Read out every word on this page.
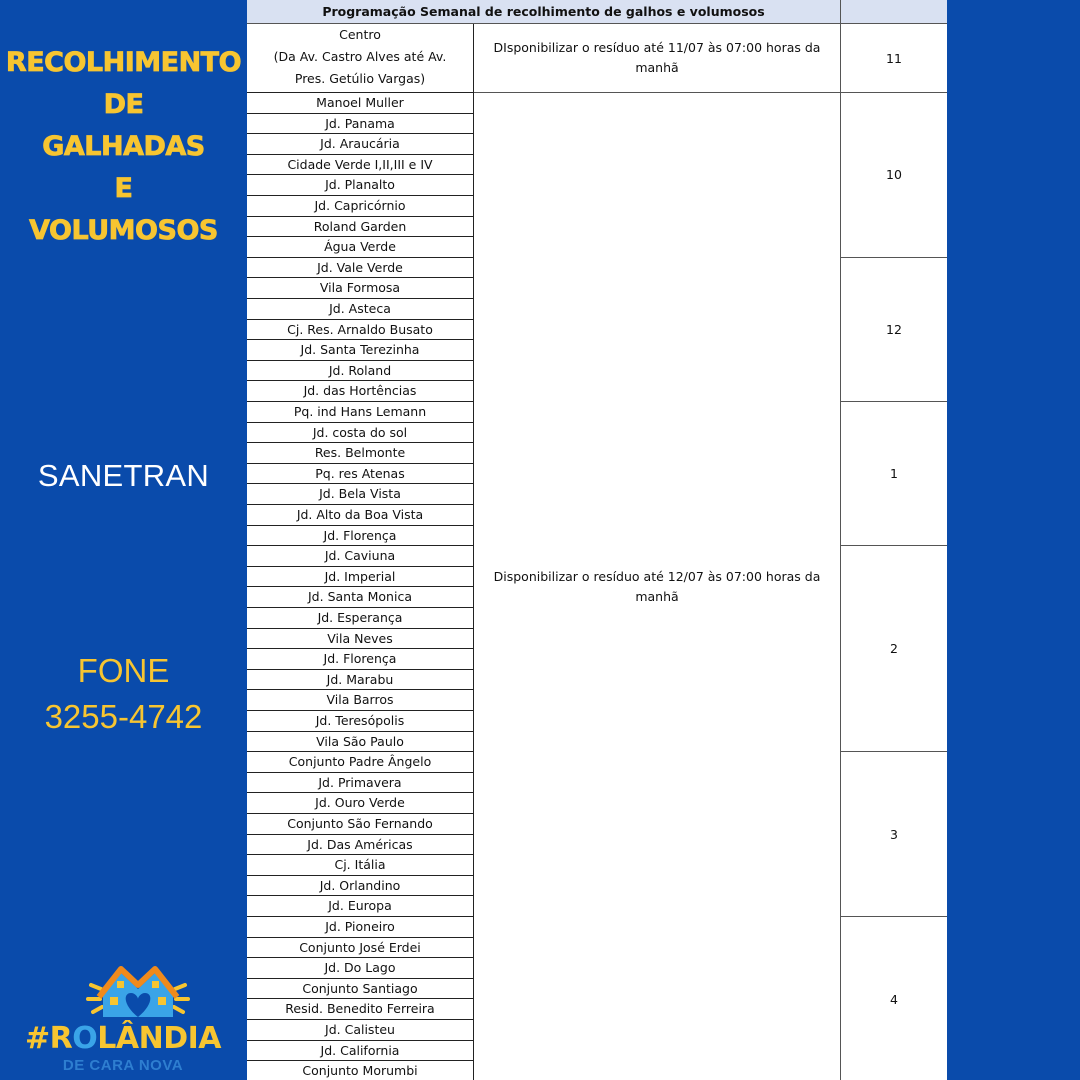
RECOLHIMENTO
DE
GALHADAS
E
VOLUMOSOS
SANETRAN
FONE
3255-4742
#ROLÂNDIA
DE CARA NOVA
Programação Semanal de recolhimento de galhos e volumosos
Centro
(Da Av. Castro Alves até Av.
Pres. Getúlio Vargas)
Manoel Muller
Jd. Panama
Jd. Araucária
Cidade Verde I,II,III e IV
Jd. Planalto
Jd. Capricórnio
Roland Garden
Água Verde
Jd. Vale Verde
Vila Formosa
Jd. Asteca
Cj. Res. Arnaldo Busato
Jd. Santa Terezinha
Jd. Roland
Jd. das Hortências
Pq. ind Hans Lemann
Jd. costa do sol
Res. Belmonte
Pq. res Atenas
Jd. Bela Vista
Jd. Alto da Boa Vista
Jd. Florença
Jd. Caviuna
Jd. Imperial
Jd. Santa Monica
Jd. Esperança
Vila Neves
Jd. Florença
Jd. Marabu
Vila Barros
Jd. Teresópolis
Vila São Paulo
Conjunto Padre Ângelo
Jd. Primavera
Jd. Ouro Verde
Conjunto São Fernando
Jd. Das Américas
Cj. Itália
Jd. Orlandino
Jd. Europa
Jd. Pioneiro
Conjunto José Erdei
Jd. Do Lago
Conjunto Santiago
Resid. Benedito Ferreira
Jd. Calisteu
Jd. California
Conjunto Morumbi
DIsponibilizar o resíduo até 11/07 às 07:00 horas da manhã
Disponibilizar o resíduo até 12/07 às 07:00 horas da manhã
11
10
12
1
2
3
4
